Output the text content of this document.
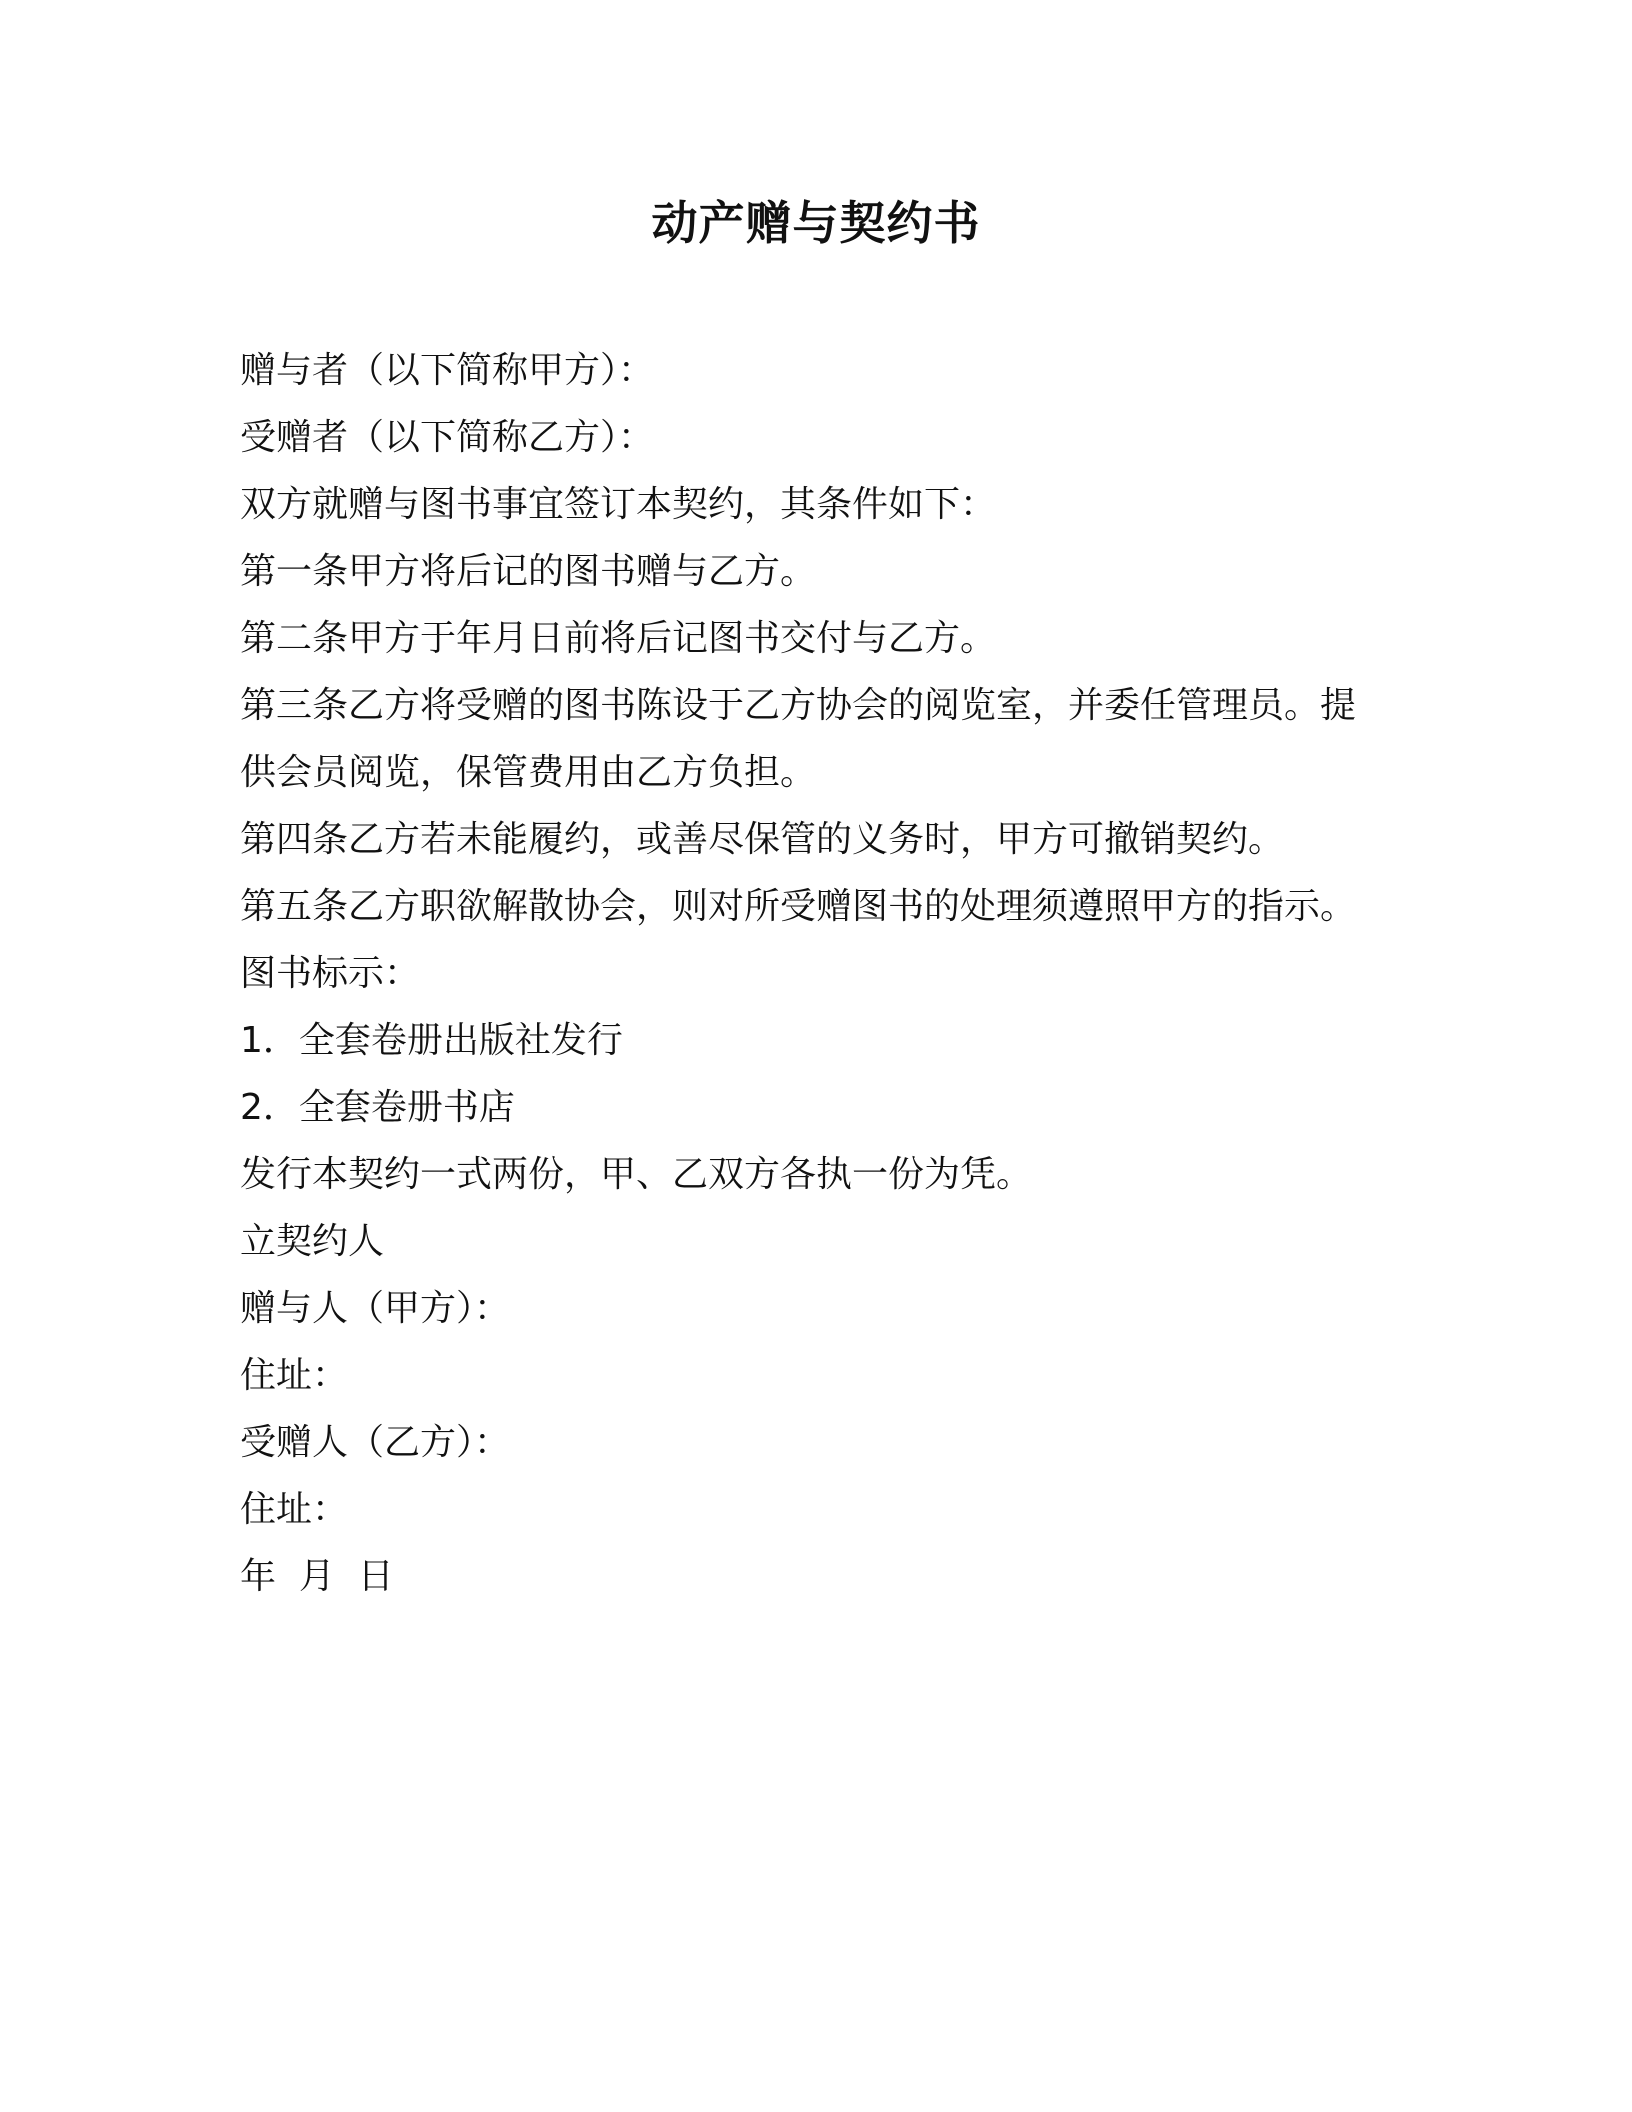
动产赠与契约书

赠与者（以下简称甲方）：

受赠者（以下简称乙方）：

双方就赠与图书事宜签订本契约，其条件如下：

第一条甲方将后记的图书赠与乙方。

第二条甲方于年月日前将后记图书交付与乙方。

第三条乙方将受赠的图书陈设于乙方协会的阅览室，并委任管理员。提

供会员阅览，保管费用由乙方负担。

第四条乙方若未能履约，或善尽保管的义务时，甲方可撤销契约。

第五条乙方职欲解散协会，则对所受赠图书的处理须遵照甲方的指示。

图书标示：

1．全套卷册出版社发行

2．全套卷册书店

发行本契约一式两份，甲、乙双方各执一份为凭。

立契约人

赠与人（甲方）：

住址：

受赠人（乙方）：

住址：

年  月  日
